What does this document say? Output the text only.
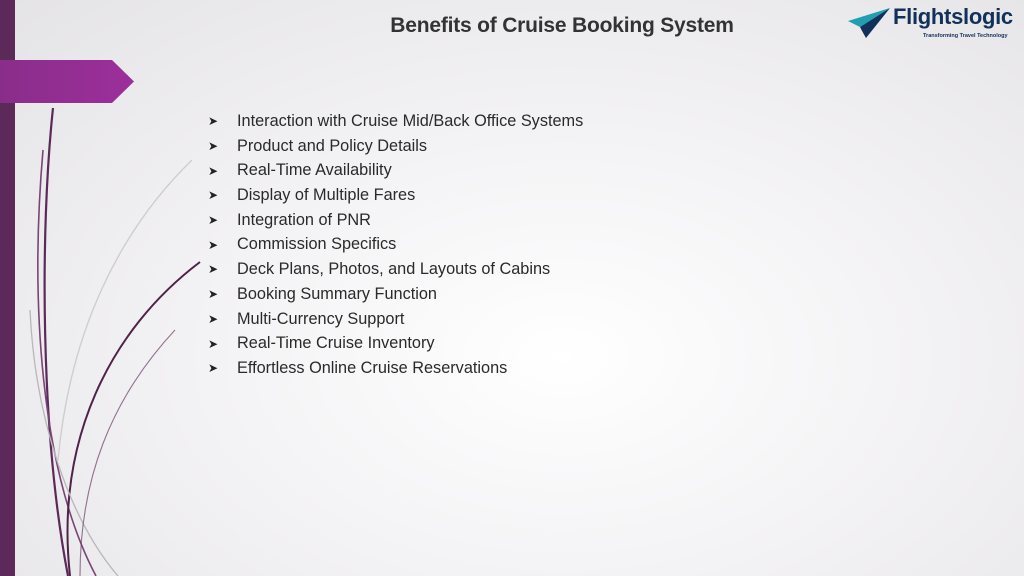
Benefits of Cruise Booking System	Flightslogic
Transforming Travel Technology
➤	Interaction with Cruise Mid/Back Office Systems
➤	Product and Policy Details
➤	Real-Time Availability
➤	Display of Multiple Fares
➤	Integration of PNR
➤	Commission Specifics
➤	Deck Plans, Photos, and Layouts of Cabins
➤	Booking Summary Function
➤	Multi-Currency Support
➤	Real-Time Cruise Inventory
➤	Effortless Online Cruise Reservations
